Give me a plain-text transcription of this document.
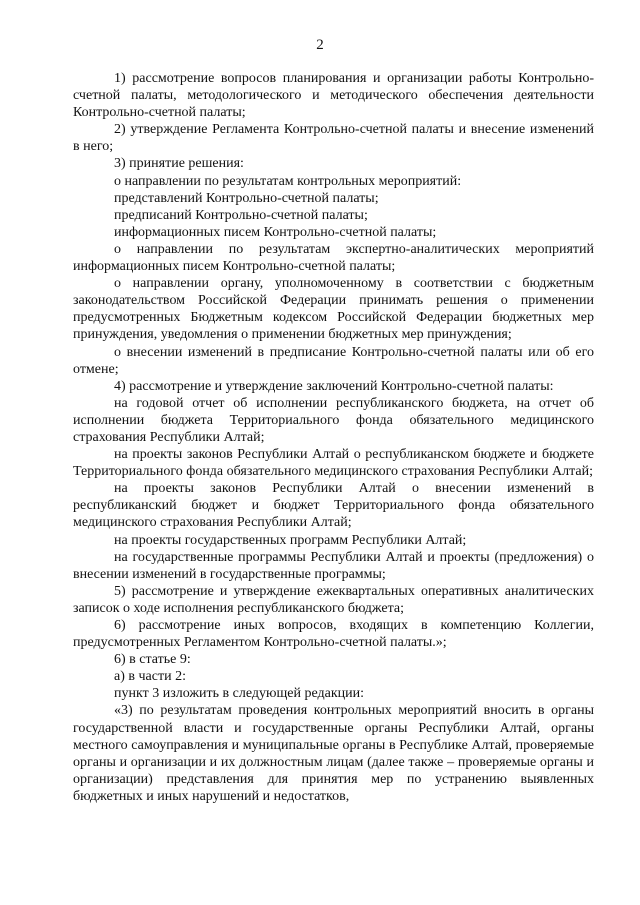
2

1) рассмотрение вопросов планирования и организации работы Контрольно-счетной палаты, методологического и методического обеспечения деятельности Контрольно-счетной палаты;

2) утверждение Регламента Контрольно-счетной палаты и внесение изменений в него;

3) принятие решения:

о направлении по результатам контрольных мероприятий:

представлений Контрольно-счетной палаты;

предписаний Контрольно-счетной палаты;

информационных писем Контрольно-счетной палаты;

о направлении по результатам экспертно-аналитических мероприятий информационных писем Контрольно-счетной палаты;

о направлении органу, уполномоченному в соответствии с бюджетным законодательством Российской Федерации принимать решения о применении предусмотренных Бюджетным кодексом Российской Федерации бюджетных мер принуждения, уведомления о применении бюджетных мер принуждения;

о внесении изменений в предписание Контрольно-счетной палаты или об его отмене;

4) рассмотрение и утверждение заключений Контрольно-счетной палаты:

на годовой отчет об исполнении республиканского бюджета, на отчет об исполнении бюджета Территориального фонда обязательного медицинского страхования Республики Алтай;

на проекты законов Республики Алтай о республиканском бюджете и бюджете Территориального фонда обязательного медицинского страхования Республики Алтай;

на проекты законов Республики Алтай о внесении изменений в республиканский бюджет и бюджет Территориального фонда обязательного медицинского страхования Республики Алтай;

на проекты государственных программ Республики Алтай;

на государственные программы Республики Алтай и проекты (предложения) о внесении изменений в государственные программы;

5) рассмотрение и утверждение ежеквартальных оперативных аналитических записок о ходе исполнения республиканского бюджета;

6) рассмотрение иных вопросов, входящих в компетенцию Коллегии, предусмотренных Регламентом Контрольно-счетной палаты.»;

6) в статье 9:

а) в части 2:

пункт 3 изложить в следующей редакции:

«3) по результатам проведения контрольных мероприятий вносить в органы государственной власти и государственные органы Республики Алтай, органы местного самоуправления и муниципальные органы в Республике Алтай, проверяемые органы и организации и их должностным лицам (далее также – проверяемые органы и организации) представления для принятия мер по устранению выявленных бюджетных и иных нарушений и недостатков,
